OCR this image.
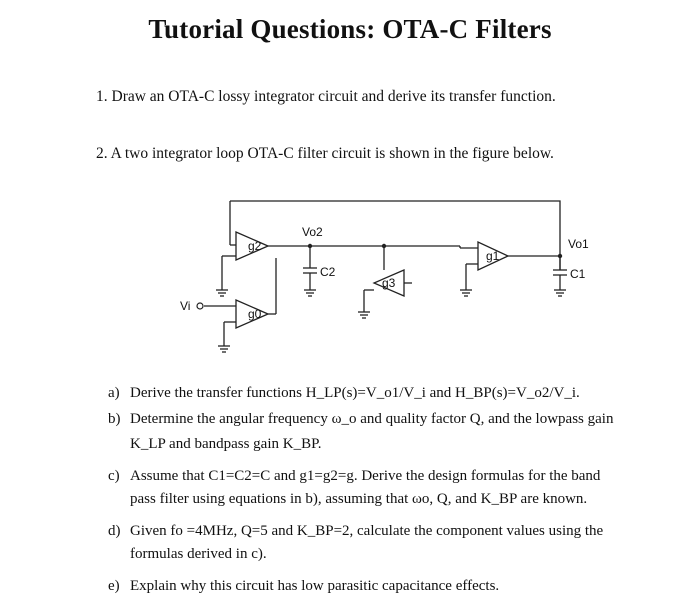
Tutorial Questions: OTA-C Filters
1. Draw an OTA-C lossy integrator circuit and derive its transfer function.
2. A two integrator loop OTA-C filter circuit is shown in the figure below.
g2
g0
g3
g1
Vo2
Vo1
C2	C1
Vi
a) Derive the transfer functions H_LP(s)=V_o1/V_i and H_BP(s)=V_o2/V_i.
b) Determine the angular frequency ω_o and quality factor Q, and the lowpass gain
K_LP and bandpass gain K_BP.
c) Assume that C1=C2=C and g1=g2=g. Derive the design formulas for the band
pass filter using equations in b), assuming that ωo, Q, and K_BP are known.
d) Given fo =4MHz, Q=5 and K_BP=2, calculate the component values using the
formulas derived in c).
e) Explain why this circuit has low parasitic capacitance effects.
